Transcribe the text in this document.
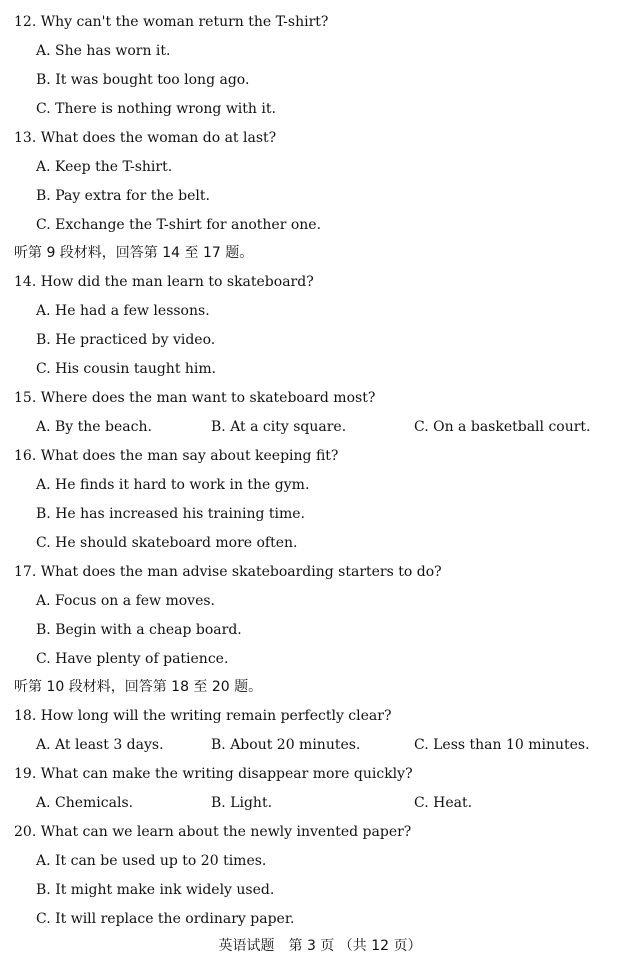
12. Why can't the woman return the T-shirt?
A. She has worn it.
B. It was bought too long ago.
C. There is nothing wrong with it.
13. What does the woman do at last?
A. Keep the T-shirt.
B. Pay extra for the belt.
C. Exchange the T-shirt for another one.
听第 9 段材料，回答第 14 至 17 题。
14. How did the man learn to skateboard?
A. He had a few lessons.
B. He practiced by video.
C. His cousin taught him.
15. Where does the man want to skateboard most?
A. By the beach.	B. At a city square.	C. On a basketball court.
16. What does the man say about keeping fit?
A. He finds it hard to work in the gym.
B. He has increased his training time.
C. He should skateboard more often.
17. What does the man advise skateboarding starters to do?
A. Focus on a few moves.
B. Begin with a cheap board.
C. Have plenty of patience.
听第 10 段材料，回答第 18 至 20 题。
18. How long will the writing remain perfectly clear?
A. At least 3 days.	B. About 20 minutes.	C. Less than 10 minutes.
19. What can make the writing disappear more quickly?
A. Chemicals.	B. Light.	C. Heat.
20. What can we learn about the newly invented paper?
A. It can be used up to 20 times.
B. It might make ink widely used.
C. It will replace the ordinary paper.
英语试题　第 3 页 （共 12 页）
